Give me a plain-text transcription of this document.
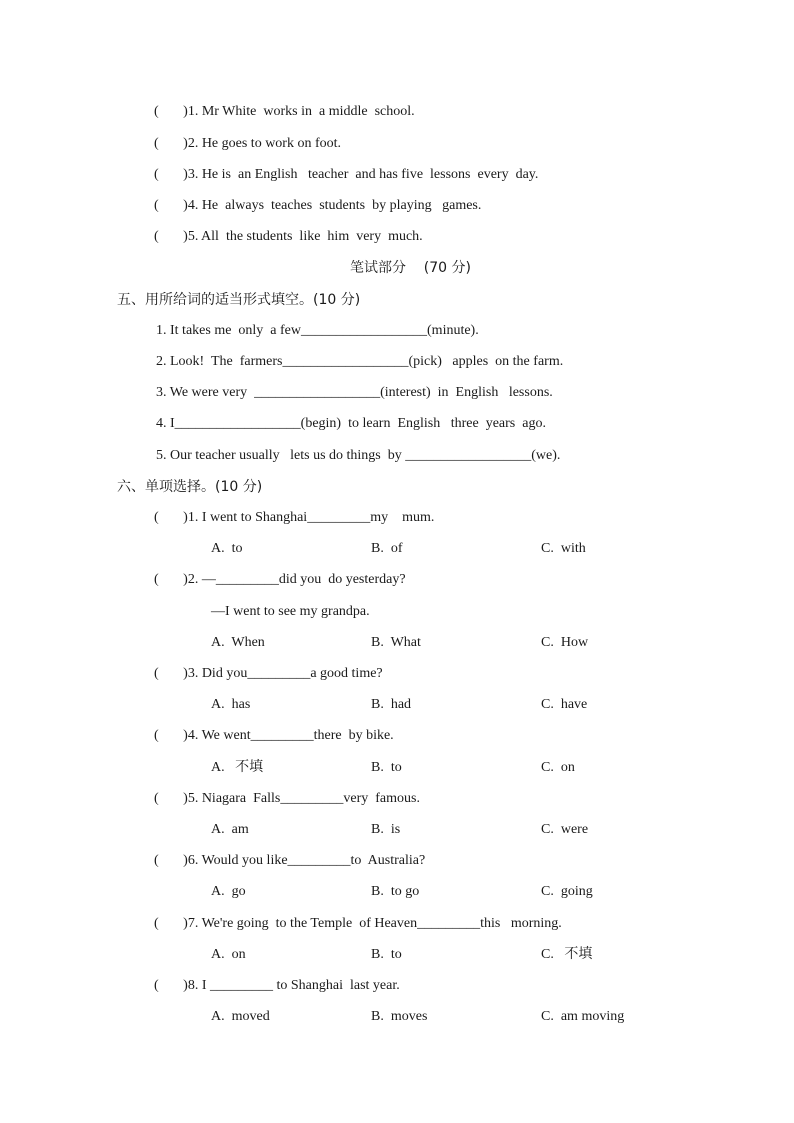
(       )1. Mr White  works in  a middle  school.
(       )2. He goes to work on foot.
(       )3. He is  an English   teacher  and has five  lessons  every  day.
(       )4. He  always  teaches  students  by playing   games.
(       )5. All  the students  like  him  very  much.
笔试部分    (70 分)
五、用所给词的适当形式填空。(10 分)
1. It takes me  only  a few__________________(minute).
2. Look!  The  farmers__________________(pick)   apples  on the farm.
3. We were very  __________________(interest)  in  English   lessons.
4. I__________________(begin)  to learn  English   three  years  ago.
5. Our teacher usually   lets us do things  by __________________(we).
六、单项选择。(10 分)
(       )1. I went to Shanghai_________my    mum.
A.  to	B.  of	C.  with
(       )2. —_________did you  do yesterday?
—I went to see my grandpa.
A.  When	B.  What	C.  How
(       )3. Did you_________a good time?
A.  has	B.  had	C.  have
(       )4. We went_________there  by bike.
A.   不填	B.  to	C.  on
(       )5. Niagara  Falls_________very  famous.
A.  am	B.  is	C.  were
(       )6. Would you like_________to  Australia?
A.  go	B.  to go	C.  going
(       )7. We're going  to the Temple  of Heaven_________this   morning.
A.  on	B.  to	C.   不填
(       )8. I _________ to Shanghai  last year.
A.  moved	B.  moves	C.  am moving
